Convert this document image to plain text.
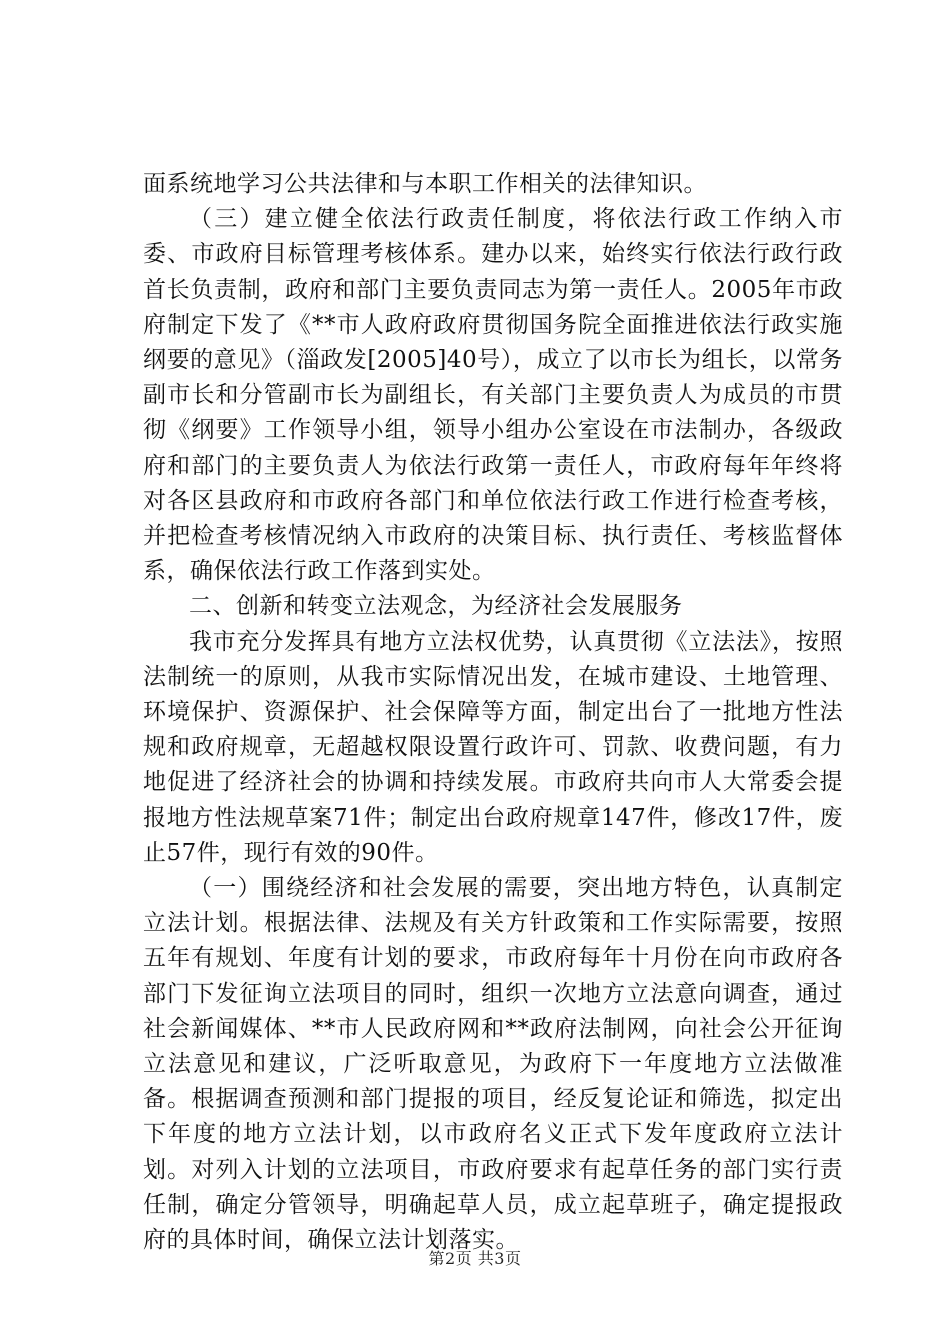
面系统地学习公共法律和与本职工作相关的法律知识。

（三）建立健全依法行政责任制度，将依法行政工作纳入市委、市政府目标管理考核体系。建办以来，始终实行依法行政行政首长负责制，政府和部门主要负责同志为第一责任人。2005年市政府制定下发了《**市人政府政府贯彻国务院全面推进依法行政实施纲要的意见》（淄政发[2005]40号），成立了以市长为组长，以常务副市长和分管副市长为副组长，有关部门主要负责人为成员的市贯彻《纲要》工作领导小组，领导小组办公室设在市法制办，各级政府和部门的主要负责人为依法行政第一责任人，市政府每年年终将对各区县政府和市政府各部门和单位依法行政工作进行检查考核，并把检查考核情况纳入市政府的决策目标、执行责任、考核监督体系，确保依法行政工作落到实处。

二、创新和转变立法观念，为经济社会发展服务

我市充分发挥具有地方立法权优势，认真贯彻《立法法》，按照法制统一的原则，从我市实际情况出发，在城市建设、土地管理、环境保护、资源保护、社会保障等方面，制定出台了一批地方性法规和政府规章，无超越权限设置行政许可、罚款、收费问题，有力地促进了经济社会的协调和持续发展。市政府共向市人大常委会提报地方性法规草案71件；制定出台政府规章147件，修改17件，废止57件，现行有效的90件。

（一）围绕经济和社会发展的需要，突出地方特色，认真制定立法计划。根据法律、法规及有关方针政策和工作实际需要，按照五年有规划、年度有计划的要求，市政府每年十月份在向市政府各部门下发征询立法项目的同时，组织一次地方立法意向调查，通过社会新闻媒体、**市人民政府网和**政府法制网，向社会公开征询立法意见和建议，广泛听取意见，为政府下一年度地方立法做准备。根据调查预测和部门提报的项目，经反复论证和筛选，拟定出下年度的地方立法计划，以市政府名义正式下发年度政府立法计划。对列入计划的立法项目，市政府要求有起草任务的部门实行责任制，确定分管领导，明确起草人员，成立起草班子，确定提报政府的具体时间，确保立法计划落实。

第2页 共3页
